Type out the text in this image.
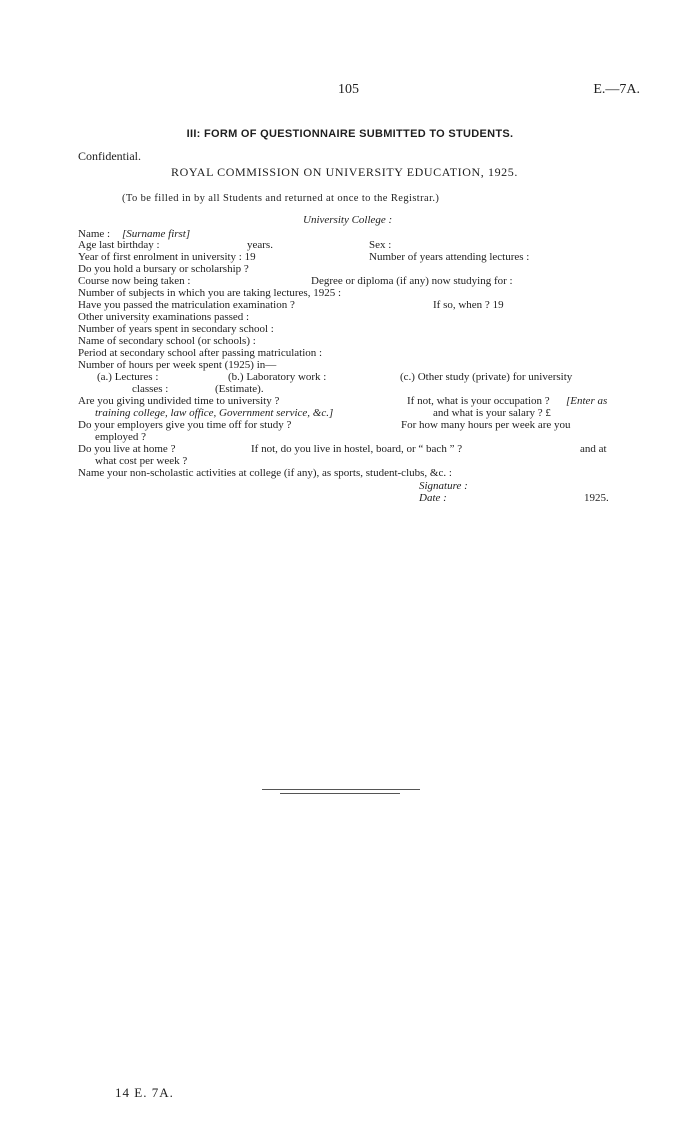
105	E.—7A.
III: FORM OF QUESTIONNAIRE SUBMITTED TO STUDENTS.
Confidential.
ROYAL COMMISSION ON UNIVERSITY EDUCATION, 1925.
(To be filled in by all Students and returned at once to the Registrar.)
University College :
Name : [Surname first]
Age last birthday :	years.	Sex :
Year of first enrolment in university : 19	Number of years attending lectures :
Do you hold a bursary or scholarship ?
Course now being taken :	Degree or diploma (if any) now studying for :
Number of subjects in which you are taking lectures, 1925 :
Have you passed the matriculation examination ?	If so, when ? 19
Other university examinations passed :
Number of years spent in secondary school :
Name of secondary school (or schools) :
Period at secondary school after passing matriculation :
Number of hours per week spent (1925) in—
(a.) Lectures :	(b.) Laboratory work :	(c.) Other study (private) for university
classes :	(Estimate).
Are you giving undivided time to university ?	If not, what is your occupation ? [Enter as
training college, law office, Government service, &c.]	and what is your salary ? £
Do your employers give you time off for study ?	For how many hours per week are you
employed ?
Do you live at home ?	If not, do you live in hostel, board, or “ bach ” ?	and at
what cost per week ?
Name your non-scholastic activities at college (if any), as sports, student-clubs, &c. :
Signature :
Date :	1925.
14 E. 7A.
